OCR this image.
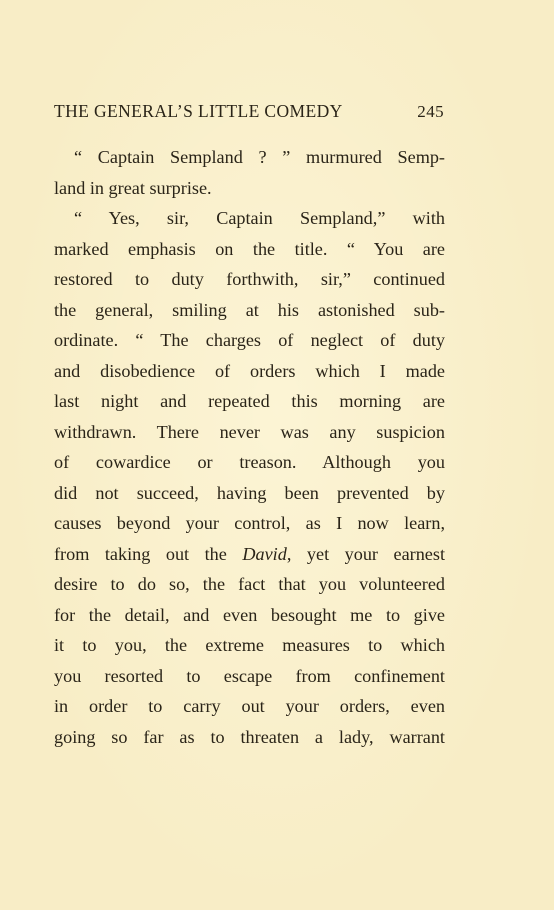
THE GENERAL’S LITTLE COMEDY	245
“ Captain Sempland ? ” murmured Semp-
land in great surprise.
“ Yes, sir, Captain Sempland,” with
marked emphasis on the title. “ You are
restored to duty forthwith, sir,” continued
the general, smiling at his astonished sub-
ordinate. “ The charges of neglect of duty
and disobedience of orders which I made
last night and repeated this morning are
withdrawn. There never was any suspicion
of cowardice or treason. Although you
did not succeed, having been prevented by
causes beyond your control, as I now learn,
from taking out the David, yet your earnest
desire to do so, the fact that you volunteered
for the detail, and even besought me to give
it to you, the extreme measures to which
you resorted to escape from confinement
in order to carry out your orders, even
going so far as to threaten a lady, warrant
